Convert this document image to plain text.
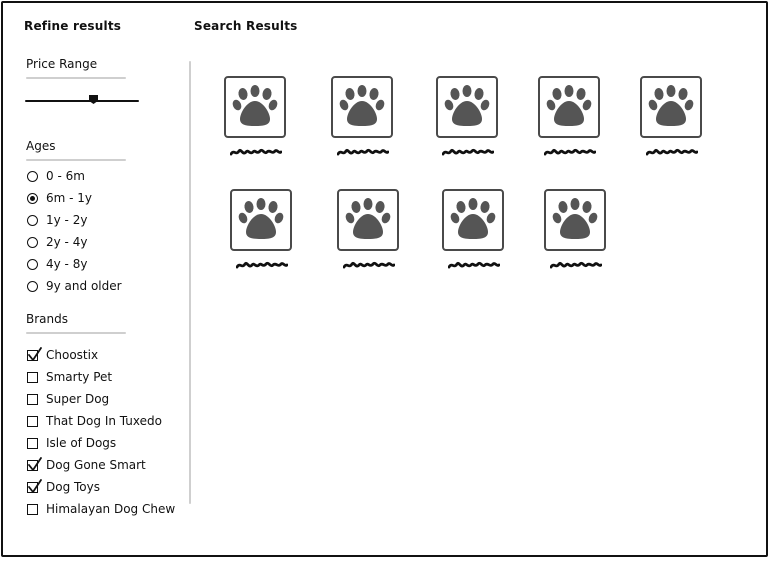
Refine results
Price Range
Ages
0 - 6m
6m - 1y
1y - 2y
2y - 4y
4y - 8y
9y and older
Brands
Choostix
Smarty Pet
Super Dog
That Dog In Tuxedo
Isle of Dogs
Dog Gone Smart
Dog Toys
Himalayan Dog Chew
Search Results
